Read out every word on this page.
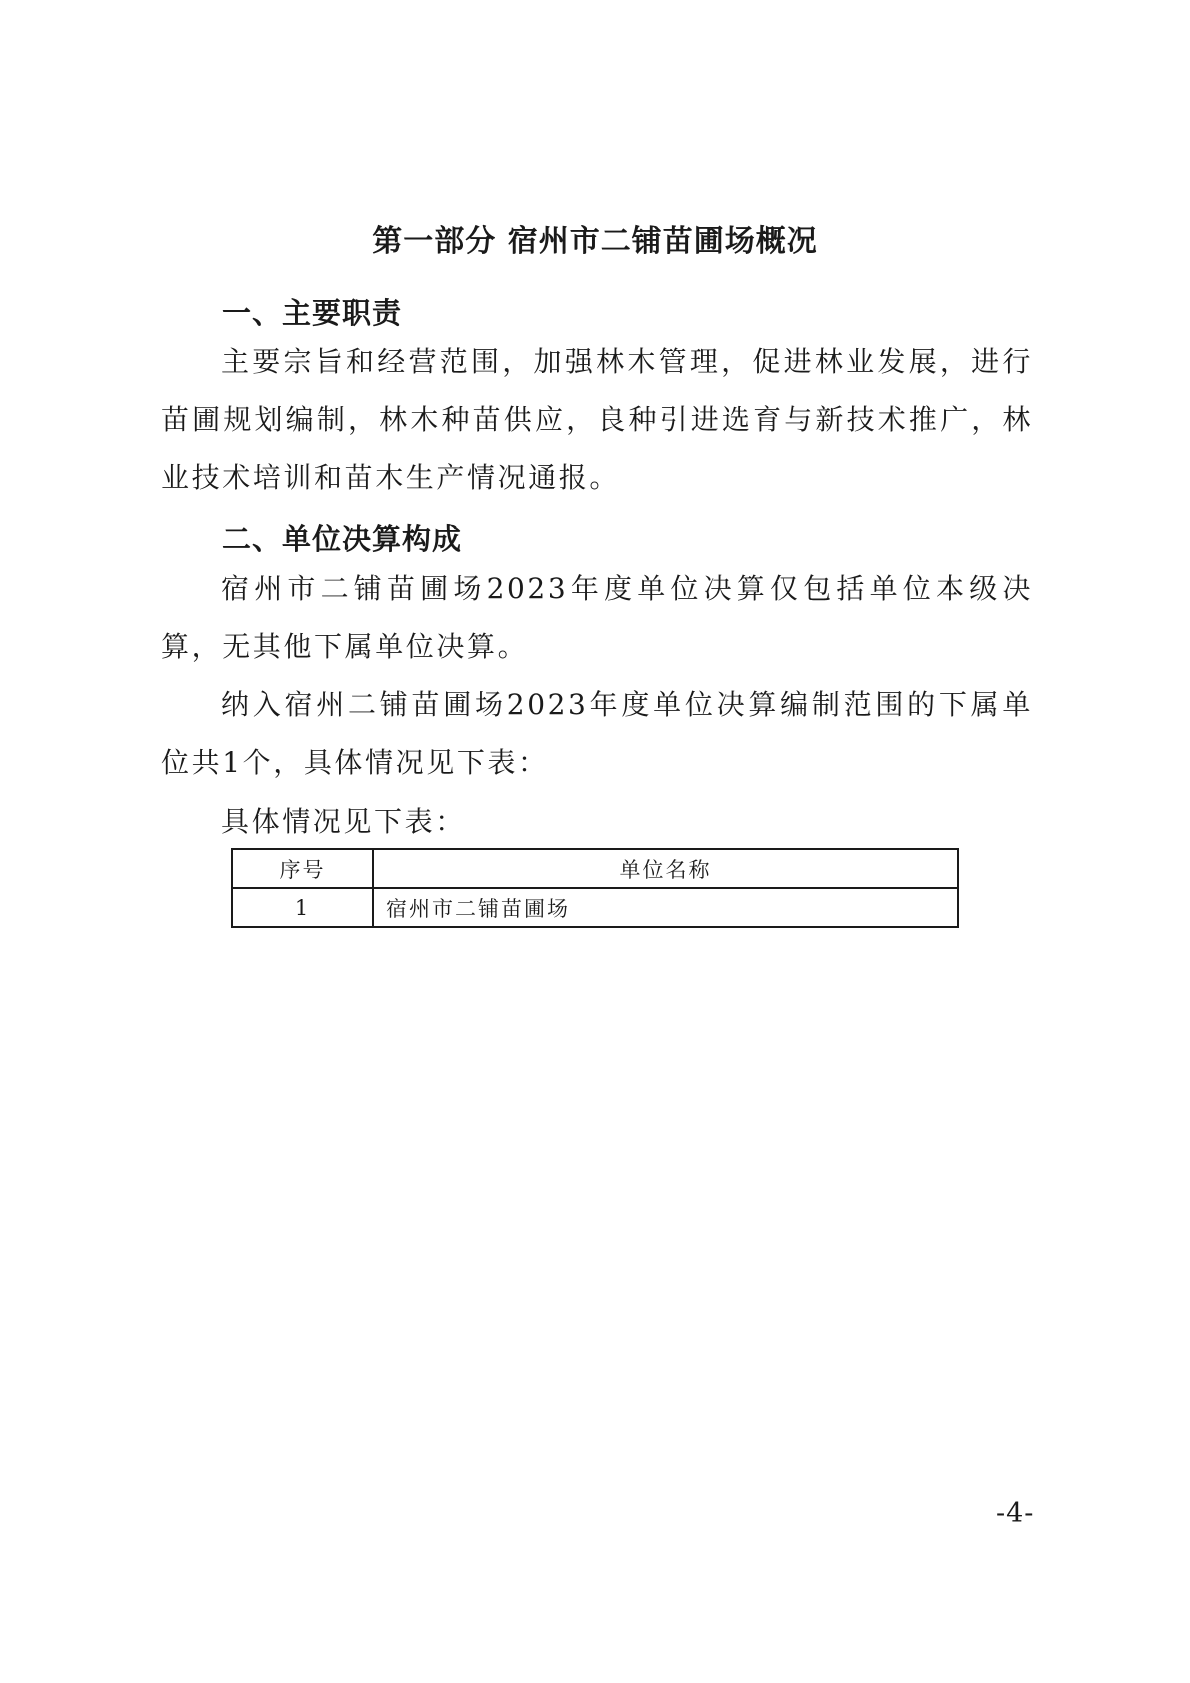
第一部分 宿州市二铺苗圃场概况
一、主要职责

主要宗旨和经营范围，加强林木管理，促进林业发展，进行苗圃规划编制，林木种苗供应，良种引进选育与新技术推广，林业技术培训和苗木生产情况通报。

二、单位决算构成

宿州市二铺苗圃场2023年度单位决算仅包括单位本级决算，无其他下属单位决算。

纳入宿州二铺苗圃场2023年度单位决算编制范围的下属单位共1个，具体情况见下表：

具体情况见下表：

序号	单位名称
1	宿州市二铺苗圃场
-4-
